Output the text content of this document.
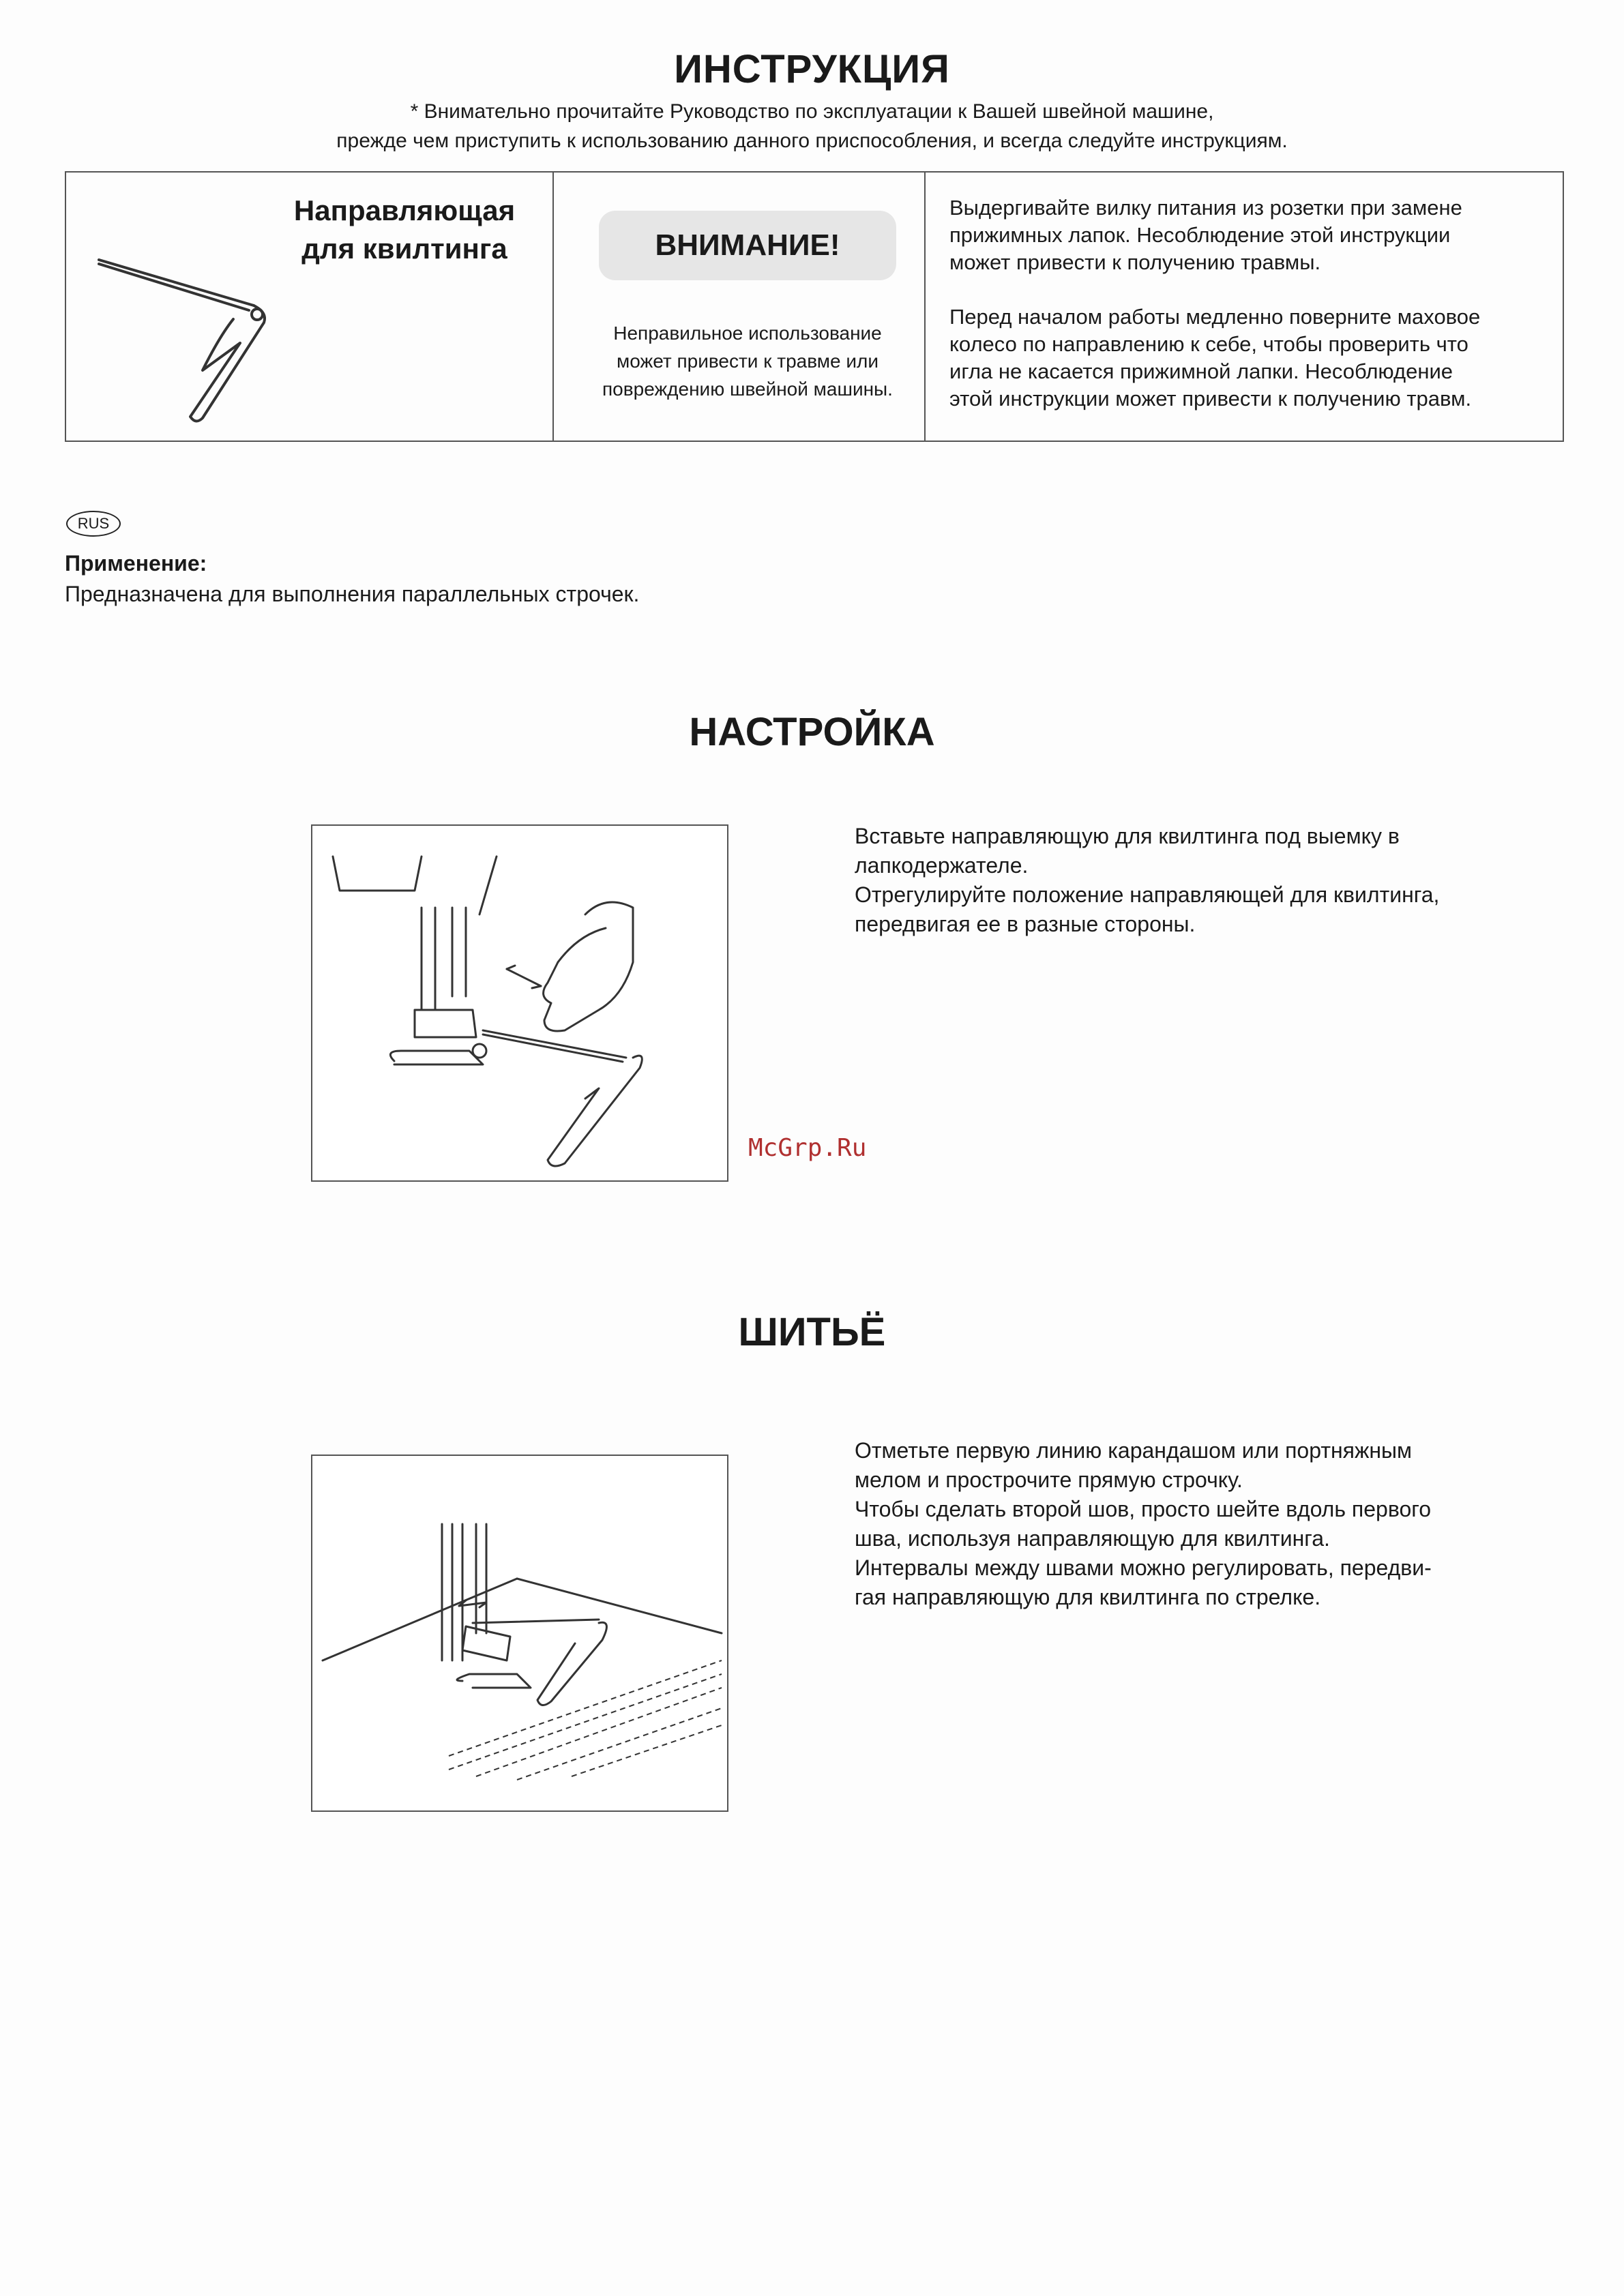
ИНСТРУКЦИЯ
* Внимательно прочитайте Руководство по эксплуатации к Вашей швейной машине,
прежде чем приступить к использованию данного приспособления, и всегда следуйте инструкциям.
Направляющая
для квилтинга	ВНИМАНИЕ!
Неправильное использование
может привести к травме или
повреждению швейной машины.
Выдергивайте вилку питания из розетки при замене
прижимных лапок. Несоблюдение этой инструкции
может привести к получению травмы.
Перед началом работы медленно поверните маховое
колесо по направлению к себе, чтобы проверить что
игла не касается прижимной лапки. Несоблюдение
этой инструкции может привести к получению травм.
RUS
Применение:
Предназначена для выполнения параллельных строчек.
НАСТРОЙКА

Вставьте направляющую для квилтинга под выемку в

лапкодержателе.

Отрегулируйте положение направляющей для квилтинга,

передвигая ее в разные стороны.

McGrp.Ru
ШИТЬЁ

Отметьте первую линию карандашом или портняжным

мелом и прострочите прямую строчку.

Чтобы сделать второй шов, просто шейте вдоль первого

шва, используя направляющую для квилтинга.

Интервалы между швами можно регулировать, передви-

гая направляющую для квилтинга по стрелке.
